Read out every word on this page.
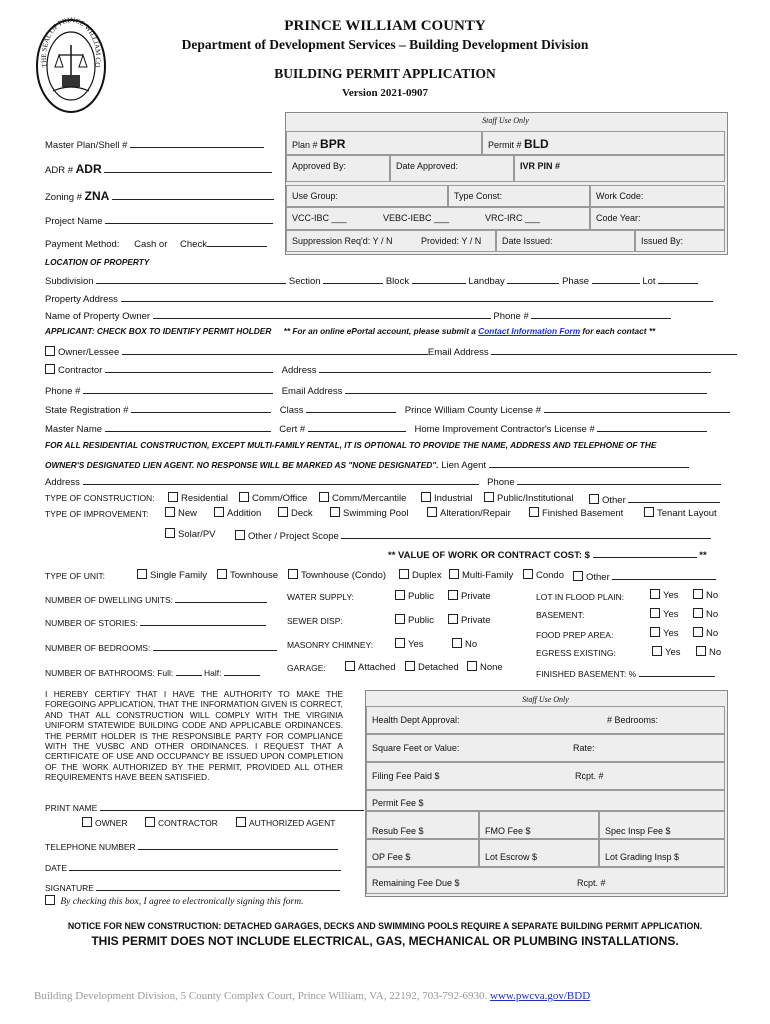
THE SEAL OF PRINCE WILLIAM CO
PRINCE WILLIAM COUNTY
Department of Development Services – Building Development Division
BUILDING PERMIT APPLICATION
Version 2021-0907
Staff Use Only
Plan # BPR	Permit # BLD
Approved By:	Date Approved:	IVR PIN #
Use Group:	Type Const:	Work Code:
VCC-IBC ___	VEBC-IEBC ___	VRC-IRC ___	Code Year:
Suppression Req'd: Y / N	Provided: Y / N	Date Issued:	Issued By:
Master Plan/Shell #
ADR # ADR
Zoning # ZNA
Project Name
Payment Method: Cash or Check
LOCATION OF PROPERTY
Subdivision	Section	Block	Landbay	Phase	Lot
Property Address
Name of Property Owner	Phone #
APPLICANT: CHECK BOX TO IDENTIFY PERMIT HOLDER ** For an online ePortal account, please submit a Contact Information Form for each contact **
Owner/Lessee	Email Address
Contractor	Address
Phone #	Email Address
State Registration #	Class	Prince William County License #
Master Name	Cert #	Home Improvement Contractor's License #
FOR ALL RESIDENTIAL CONSTRUCTION, EXCEPT MULTI-FAMILY RENTAL, IT IS OPTIONAL TO PROVIDE THE NAME, ADDRESS AND TELEPHONE OF THE
OWNER'S DESIGNATED LIEN AGENT. NO RESPONSE WILL BE MARKED AS "NONE DESIGNATED". Lien Agent
Address	Phone
TYPE OF CONSTRUCTION:	Residential	Comm/Office	Comm/Mercantile	Industrial	Public/Institutional	Other
TYPE OF IMPROVEMENT:	New	Addition	Deck	Swimming Pool	Alteration/Repair	Finished Basement	Tenant Layout
Solar/PV	Other / Project Scope
** VALUE OF WORK OR CONTRACT COST: $	**
TYPE OF UNIT:	Single Family	Townhouse	Townhouse (Condo)	Duplex	Multi-Family	Condo	Other
NUMBER OF DWELLING UNITS:
NUMBER OF STORIES:
NUMBER OF BEDROOMS:
NUMBER OF BATHROOMS: Full:	Half:
WATER SUPPLY:	Public	Private
SEWER DISP:	Public	Private
MASONRY CHIMNEY:	Yes	No
GARAGE:	Attached	Detached	None
LOT IN FLOOD PLAIN:	Yes	No
BASEMENT:	Yes	No
FOOD PREP AREA:	Yes	No
EGRESS EXISTING:	Yes	No
FINISHED BASEMENT: %
I HEREBY CERTIFY THAT I HAVE THE AUTHORITY TO MAKE THE FOREGOING APPLICATION, THAT THE INFORMATION GIVEN IS CORRECT, AND THAT ALL CONSTRUCTION WILL COMPLY WITH THE VIRGINIA UNIFORM STATEWIDE BUILDING CODE AND APPLICABLE ORDINANCES. THE PERMIT HOLDER IS THE RESPONSIBLE PARTY FOR COMPLIANCE WITH THE VUSBC AND OTHER ORDINANCES. I REQUEST THAT A CERTIFICATE OF USE AND OCCUPANCY BE ISSUED UPON COMPLETION OF THE WORK AUTHORIZED BY THE PERMIT, PROVIDED ALL OTHER REQUIREMENTS HAVE BEEN SATISFIED.
PRINT NAME
OWNER	CONTRACTOR	AUTHORIZED AGENT
TELEPHONE NUMBER
DATE
SIGNATURE
By checking this box, I agree to electronically signing this form.
Staff Use Only
Health Dept Approval:	# Bedrooms:
Square Feet or Value:	Rate:
Filing Fee Paid $	Rcpt. #
Permit Fee $
Resub Fee $	FMO Fee $	Spec Insp Fee $
OP Fee $	Lot Escrow $	Lot Grading Insp $
Remaining Fee Due $	Rcpt. #
NOTICE FOR NEW CONSTRUCTION: DETACHED GARAGES, DECKS AND SWIMMING POOLS REQUIRE A SEPARATE BUILDING PERMIT APPLICATION.
THIS PERMIT DOES NOT INCLUDE ELECTRICAL, GAS, MECHANICAL OR PLUMBING INSTALLATIONS.
Building Development Division, 5 County Complex Court, Prince William, VA, 22192, 703-792-6930. www.pwcva.gov/BDD
